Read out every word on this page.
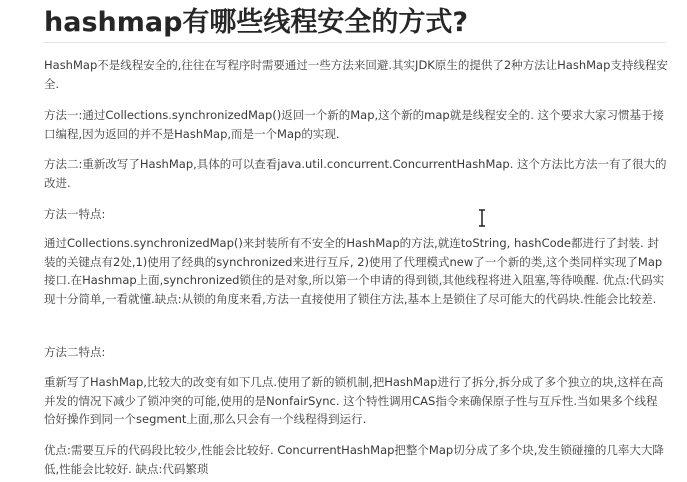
hashmap有哪些线程安全的方式?

HashMap不是线程安全的,往往在写程序时需要通过一些方法来回避.其实JDK原生的提供了2种方法让HashMap支持线程安全.

方法一:通过Collections.synchronizedMap()返回一个新的Map,这个新的map就是线程安全的. 这个要求大家习惯基于接口编程,因为返回的并不是HashMap,而是一个Map的实现.

方法二:重新改写了HashMap,具体的可以查看java.util.concurrent.ConcurrentHashMap. 这个方法比方法一有了很大的改进.

方法一特点:

通过Collections.synchronizedMap()来封装所有不安全的HashMap的方法,就连toString, hashCode都进行了封装. 封装的关键点有2处,1)使用了经典的synchronized来进行互斥, 2)使用了代理模式new了一个新的类,这个类同样实现了Map接口.在Hashmap上面,synchronized锁住的是对象,所以第一个申请的得到锁,其他线程将进入阻塞,等待唤醒. 优点:代码实现十分简单,一看就懂.缺点:从锁的角度来看,方法一直接使用了锁住方法,基本上是锁住了尽可能大的代码块.性能会比较差.

方法二特点:

重新写了HashMap,比较大的改变有如下几点.使用了新的锁机制,把HashMap进行了拆分,拆分成了多个独立的块,这样在高并发的情况下减少了锁冲突的可能,使用的是NonfairSync. 这个特性调用CAS指令来确保原子性与互斥性.当如果多个线程恰好操作到同一个segment上面,那么只会有一个线程得到运行.

优点:需要互斥的代码段比较少,性能会比较好. ConcurrentHashMap把整个Map切分成了多个块,发生锁碰撞的几率大大降低,性能会比较好. 缺点:代码繁琐
